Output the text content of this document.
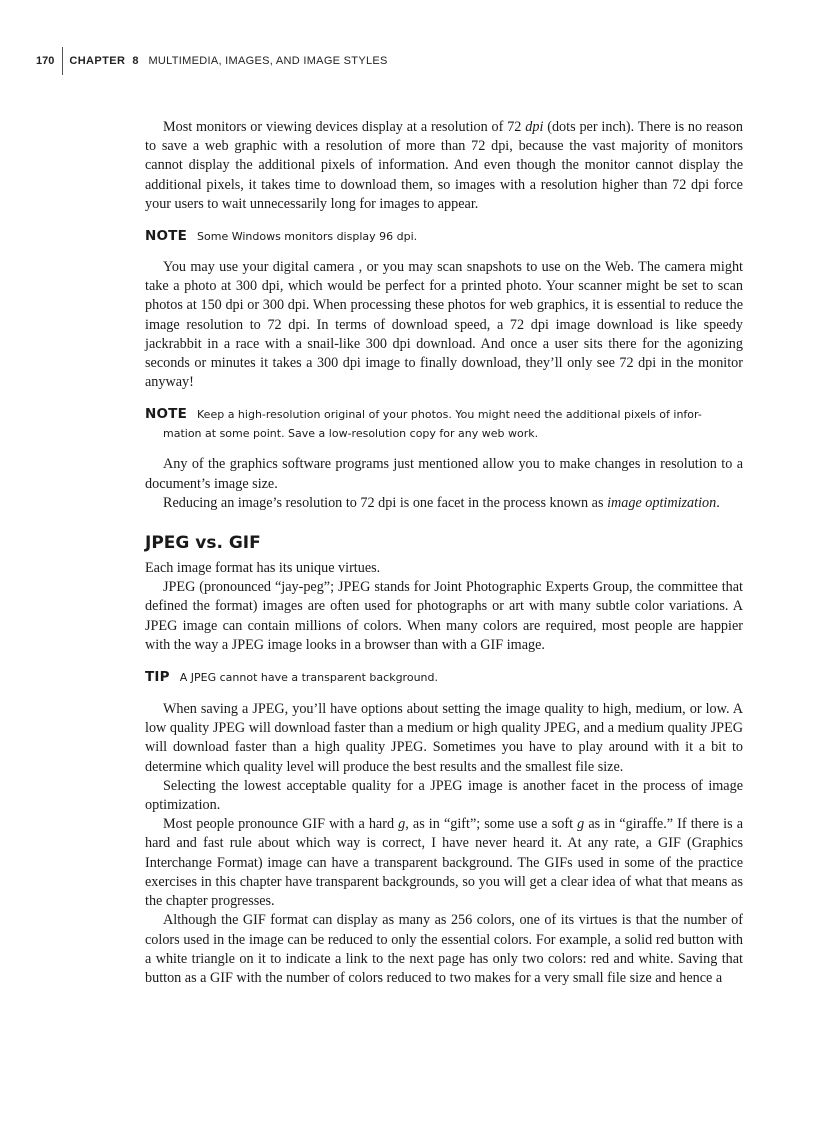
170 CHAPTER 8 MULTIMEDIA, IMAGES, AND IMAGE STYLES

Most monitors or viewing devices display at a resolution of 72 dpi (dots per inch). There is no reason to save a web graphic with a resolution of more than 72 dpi, because the vast majority of monitors cannot display the additional pixels of information. And even though the monitor cannot display the additional pixels, it takes time to download them, so images with a resolution higher than 72 dpi force your users to wait unnecessarily long for images to appear.

NOTE Some Windows monitors display 96 dpi.

You may use your digital camera , or you may scan snapshots to use on the Web. The camera might take a photo at 300 dpi, which would be perfect for a printed photo. Your scanner might be set to scan photos at 150 dpi or 300 dpi. When processing these photos for web graphics, it is essential to reduce the image resolution to 72 dpi. In terms of download speed, a 72 dpi image download is like speedy jackrabbit in a race with a snail-like 300 dpi download. And once a user sits there for the agonizing seconds or minutes it takes a 300 dpi image to finally download, they’ll only see 72 dpi in the monitor anyway!

NOTE Keep a high-resolution original of your photos. You might need the additional pixels of infor-
mation at some point. Save a low-resolution copy for any web work.

Any of the graphics software programs just mentioned allow you to make changes in resolution to a document’s image size.

Reducing an image’s resolution to 72 dpi is one facet in the process known as image optimization.

JPEG vs. GIF

Each image format has its unique virtues.

JPEG (pronounced “jay-peg”; JPEG stands for Joint Photographic Experts Group, the committee that defined the format) images are often used for photographs or art with many subtle color variations. A JPEG image can contain millions of colors. When many colors are required, most people are happier with the way a JPEG image looks in a browser than with a GIF image.

TIP A JPEG cannot have a transparent background.

When saving a JPEG, you’ll have options about setting the image quality to high, medium, or low. A low quality JPEG will download faster than a medium or high quality JPEG, and a medium quality JPEG will download faster than a high quality JPEG. Sometimes you have to play around with it a bit to determine which quality level will produce the best results and the smallest file size.

Selecting the lowest acceptable quality for a JPEG image is another facet in the process of image optimization.

Most people pronounce GIF with a hard g, as in “gift”; some use a soft g as in “giraffe.” If there is a hard and fast rule about which way is correct, I have never heard it. At any rate, a GIF (Graphics Interchange Format) image can have a transparent background. The GIFs used in some of the practice exercises in this chapter have transparent backgrounds, so you will get a clear idea of what that means as the chapter progresses.

Although the GIF format can display as many as 256 colors, one of its virtues is that the number of colors used in the image can be reduced to only the essential colors. For example, a solid red button with a white triangle on it to indicate a link to the next page has only two colors: red and white. Saving that button as a GIF with the number of colors reduced to two makes for a very small file size and hence a
